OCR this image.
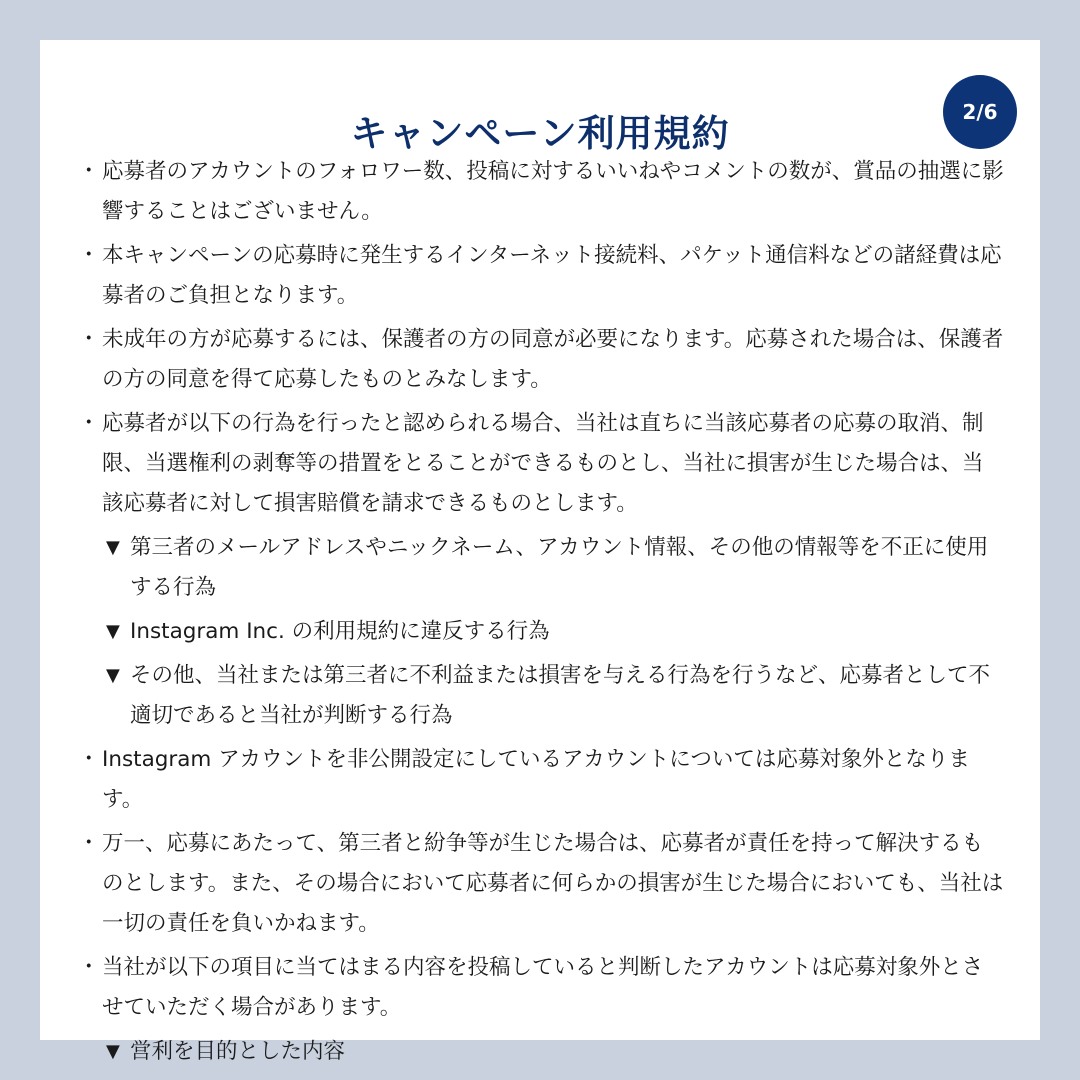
キャンペーン利用規約	2/6
・ 応募者のアカウントのフォロワー数、投稿に対するいいねやコメントの数が、賞品の抽選に影響することはございません。
・ 本キャンペーンの応募時に発生するインターネット接続料、パケット通信料などの諸経費は応募者のご負担となります。
・ 未成年の方が応募するには、保護者の方の同意が必要になります。応募された場合は、保護者の方の同意を得て応募したものとみなします。
・ 応募者が以下の行為を行ったと認められる場合、当社は直ちに当該応募者の応募の取消、制限、当選権利の剥奪等の措置をとることができるものとし、当社に損害が生じた場合は、当該応募者に対して損害賠償を請求できるものとします。
▼ 第三者のメールアドレスやニックネーム、アカウント情報、その他の情報等を不正に使用する行為
▼ Instagram Inc. の利用規約に違反する行為
▼ その他、当社または第三者に不利益または損害を与える行為を行うなど、応募者として不適切であると当社が判断する行為
・ Instagram アカウントを非公開設定にしているアカウントについては応募対象外となります。
・ 万一、応募にあたって、第三者と紛争等が生じた場合は、応募者が責任を持って解決するものとします。また、その場合において応募者に何らかの損害が生じた場合においても、当社は一切の責任を負いかねます。
・ 当社が以下の項目に当てはまる内容を投稿していると判断したアカウントは応募対象外とさせていただく場合があります。
▼ 営利を目的とした内容
